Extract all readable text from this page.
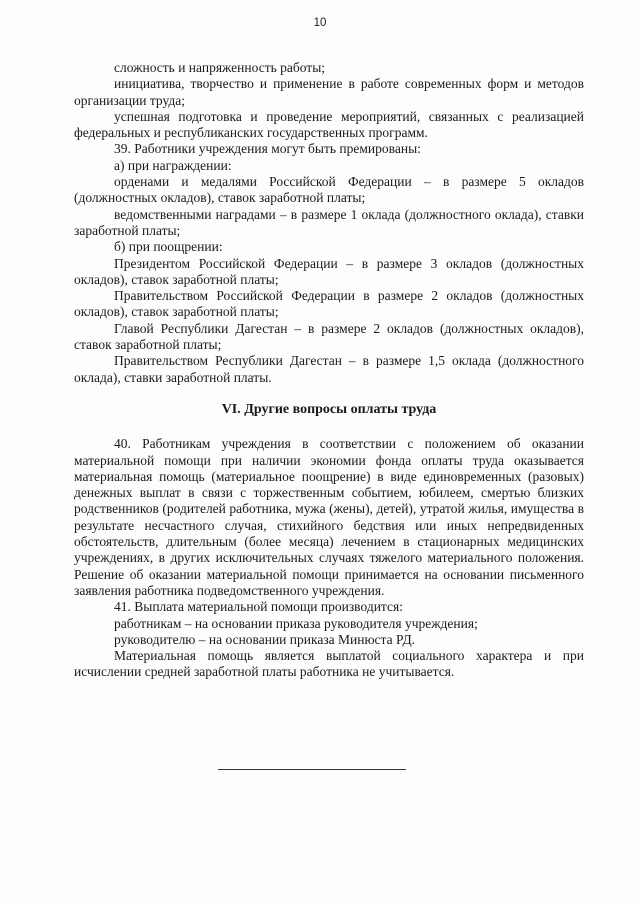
10

сложность и напряженность работы;

инициатива, творчество и применение в работе современных форм и методов организации труда;

успешная подготовка и проведение мероприятий, связанных с реализацией федеральных и республиканских государственных программ.

39. Работники учреждения могут быть премированы:

а) при награждении:

орденами и медалями Российской Федерации – в размере 5 окладов (должностных окладов), ставок заработной платы;

ведомственными наградами – в размере 1 оклада (должностного оклада), ставки заработной платы;

б) при поощрении:

Президентом Российской Федерации – в размере 3 окладов (должностных окладов), ставок заработной платы;

Правительством Российской Федерации в размере 2 окладов (должностных окладов), ставок заработной платы;

Главой Республики Дагестан – в размере 2 окладов (должностных окладов), ставок заработной платы;

Правительством Республики Дагестан – в размере 1,5 оклада (должностного оклада), ставки заработной платы.

VI. Другие вопросы оплаты труда

40. Работникам учреждения в соответствии с положением об оказании материальной помощи при наличии экономии фонда оплаты труда оказывается материальная помощь (материальное поощрение) в виде единовременных (разовых) денежных выплат в связи с торжественным событием, юбилеем, смертью близких родственников (родителей работника, мужа (жены), детей), утратой жилья, имущества в результате несчастного случая, стихийного бедствия или иных непредвиденных обстоятельств, длительным (более месяца) лечением в стационарных медицинских учреждениях, в других исключительных случаях тяжелого материального положения. Решение об оказании материальной помощи принимается на основании письменного заявления работника подведомственного учреждения.

41. Выплата материальной помощи производится:

работникам – на основании приказа руководителя учреждения;

руководителю – на основании приказа Минюста РД.

Материальная помощь является выплатой социального характера и при исчислении средней заработной платы работника не учитывается.
